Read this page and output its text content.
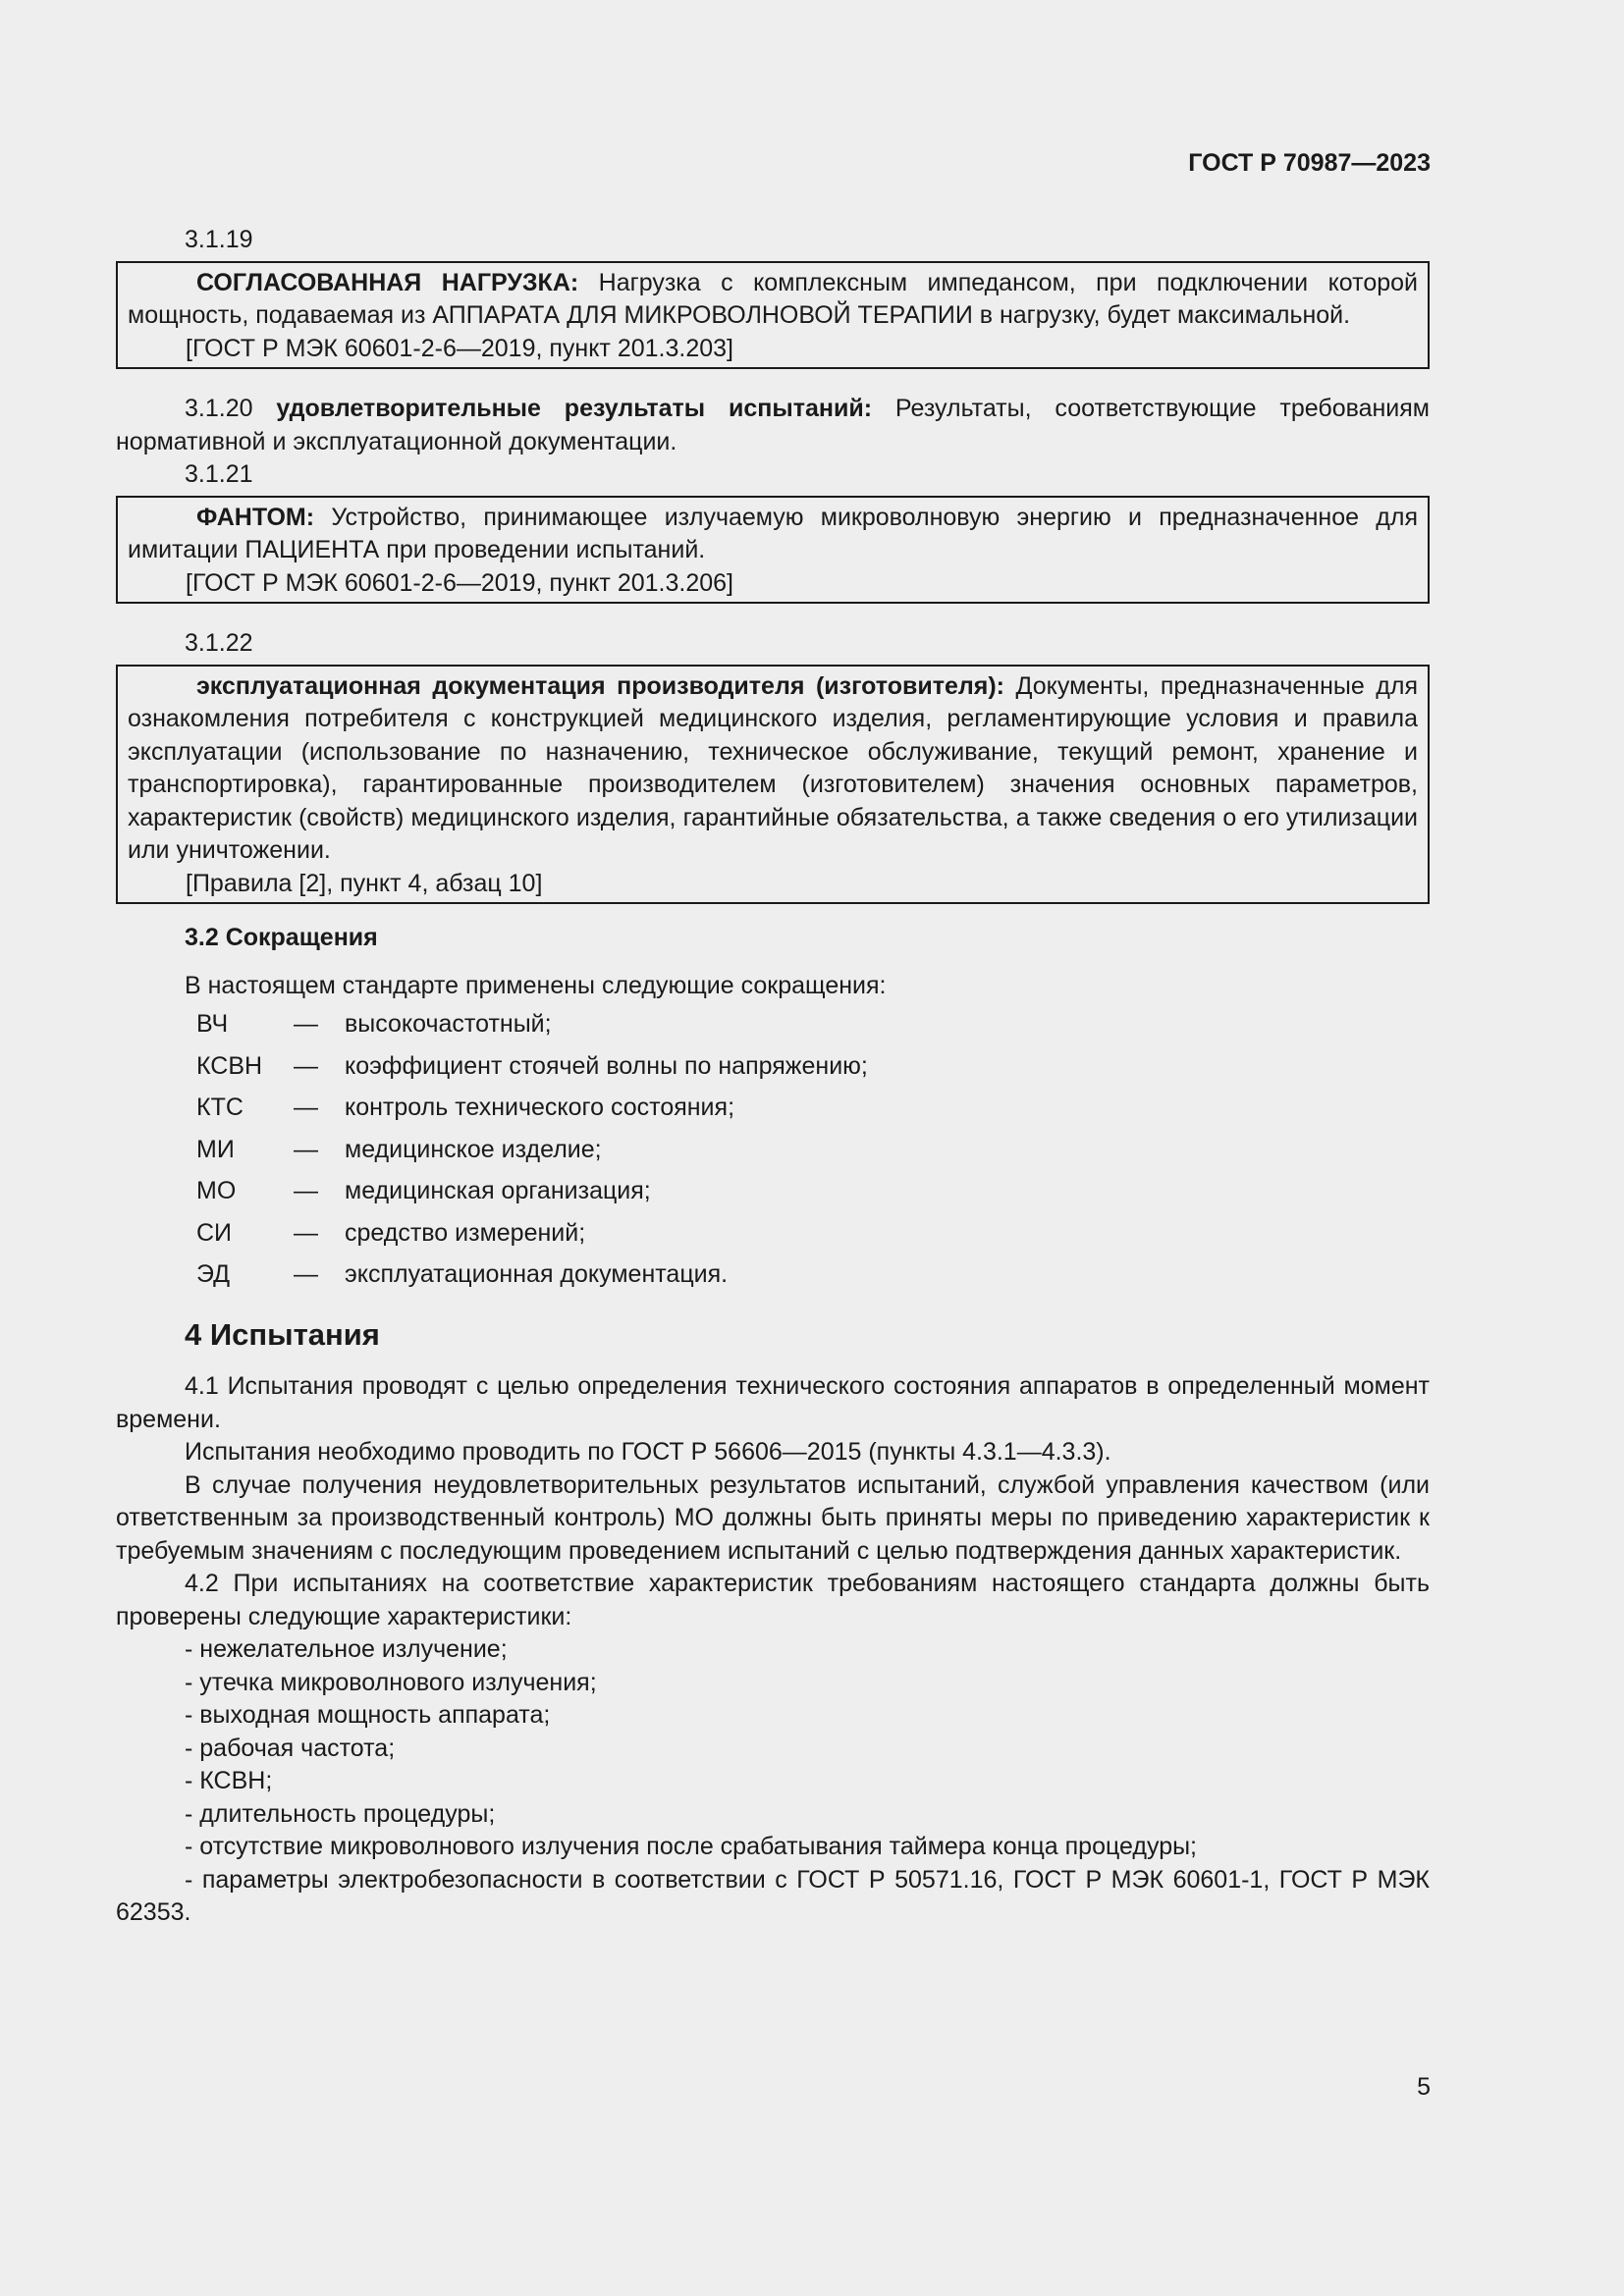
ГОСТ Р 70987—2023

3.1.19

СОГЛАСОВАННАЯ НАГРУЗКА: Нагрузка с комплексным импедансом, при подключении которой мощность, подаваемая из АППАРАТА ДЛЯ МИКРОВОЛНОВОЙ ТЕРАПИИ в нагрузку, будет максимальной.

[ГОСТ Р МЭК 60601-2-6—2019, пункт 201.3.203]

3.1.20 удовлетворительные результаты испытаний: Результаты, соответствующие требованиям нормативной и эксплуатационной документации.

3.1.21

ФАНТОМ: Устройство, принимающее излучаемую микроволновую энергию и предназначенное для имитации ПАЦИЕНТА при проведении испытаний.

[ГОСТ Р МЭК 60601-2-6—2019, пункт 201.3.206]

3.1.22

эксплуатационная документация производителя (изготовителя): Документы, предназначенные для ознакомления потребителя с конструкцией медицинского изделия, регламентирующие условия и правила эксплуатации (использование по назначению, техническое обслуживание, текущий ремонт, хранение и транспортировка), гарантированные производителем (изготовителем) значения основных параметров, характеристик (свойств) медицинского изделия, гарантийные обязательства, а также сведения о его утилизации или уничтожении.

[Правила [2], пункт 4, абзац 10]

3.2 Сокращения

В настоящем стандарте применены следующие сокращения:

ВЧ	—	высокочастотный;
КСВН	—	коэффициент стоячей волны по напряжению;
КТС	—	контроль технического состояния;
МИ	—	медицинское изделие;
МО	—	медицинская организация;
СИ	—	средство измерений;
ЭД	—	эксплуатационная документация.

4 Испытания

4.1 Испытания проводят с целью определения технического состояния аппаратов в определенный момент времени.

Испытания необходимо проводить по ГОСТ Р 56606—2015 (пункты 4.3.1—4.3.3).

В случае получения неудовлетворительных результатов испытаний, службой управления качеством (или ответственным за производственный контроль) МО должны быть приняты меры по приведению характеристик к требуемым значениям с последующим проведением испытаний с целью подтверждения данных характеристик.

4.2 При испытаниях на соответствие характеристик требованиям настоящего стандарта должны быть проверены следующие характеристики:

- нежелательное излучение;
- утечка микроволнового излучения;
- выходная мощность аппарата;
- рабочая частота;
- КСВН;
- длительность процедуры;
- отсутствие микроволнового излучения после срабатывания таймера конца процедуры;
- параметры электробезопасности в соответствии с ГОСТ Р 50571.16, ГОСТ Р МЭК 60601-1, ГОСТ Р МЭК 62353.
5
